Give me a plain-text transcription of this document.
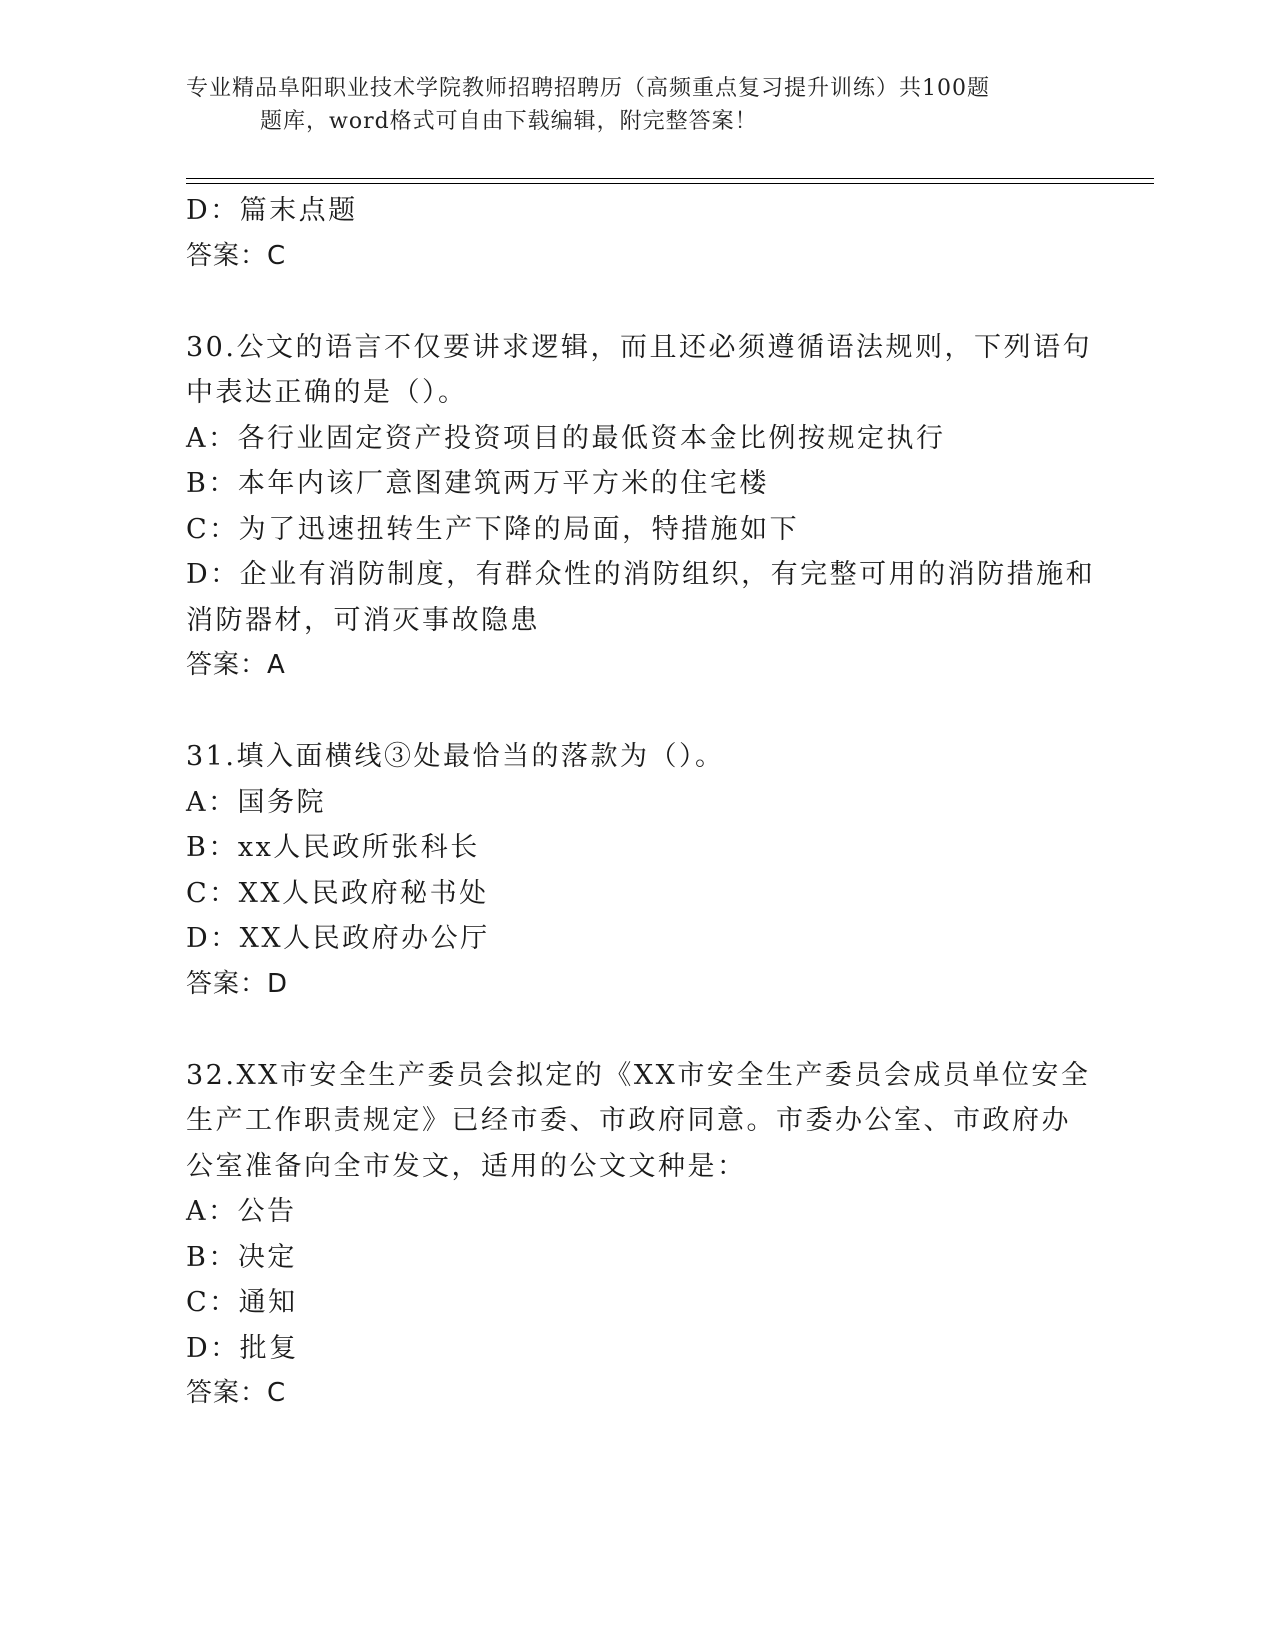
专业精品阜阳职业技术学院教师招聘招聘历（高频重点复习提升训练）共100题
题库，word格式可自由下载编辑，附完整答案！
D：篇末点题
答案：C
30.公文的语言不仅要讲求逻辑，而且还必须遵循语法规则，下列语句
中表达正确的是（）。
A：各行业固定资产投资项目的最低资本金比例按规定执行
B：本年内该厂意图建筑两万平方米的住宅楼
C：为了迅速扭转生产下降的局面，特措施如下
D：企业有消防制度，有群众性的消防组织，有完整可用的消防措施和
消防器材，可消灭事故隐患
答案：A
31.填入面横线③处最恰当的落款为（）。
A：国务院
B：xx人民政所张科长
C：XX人民政府秘书处
D：XX人民政府办公厅
答案：D
32.XX市安全生产委员会拟定的《XX市安全生产委员会成员单位安全
生产工作职责规定》已经市委、市政府同意。市委办公室、市政府办
公室准备向全市发文，适用的公文文种是：
A：公告
B：决定
C：通知
D：批复
答案：C
